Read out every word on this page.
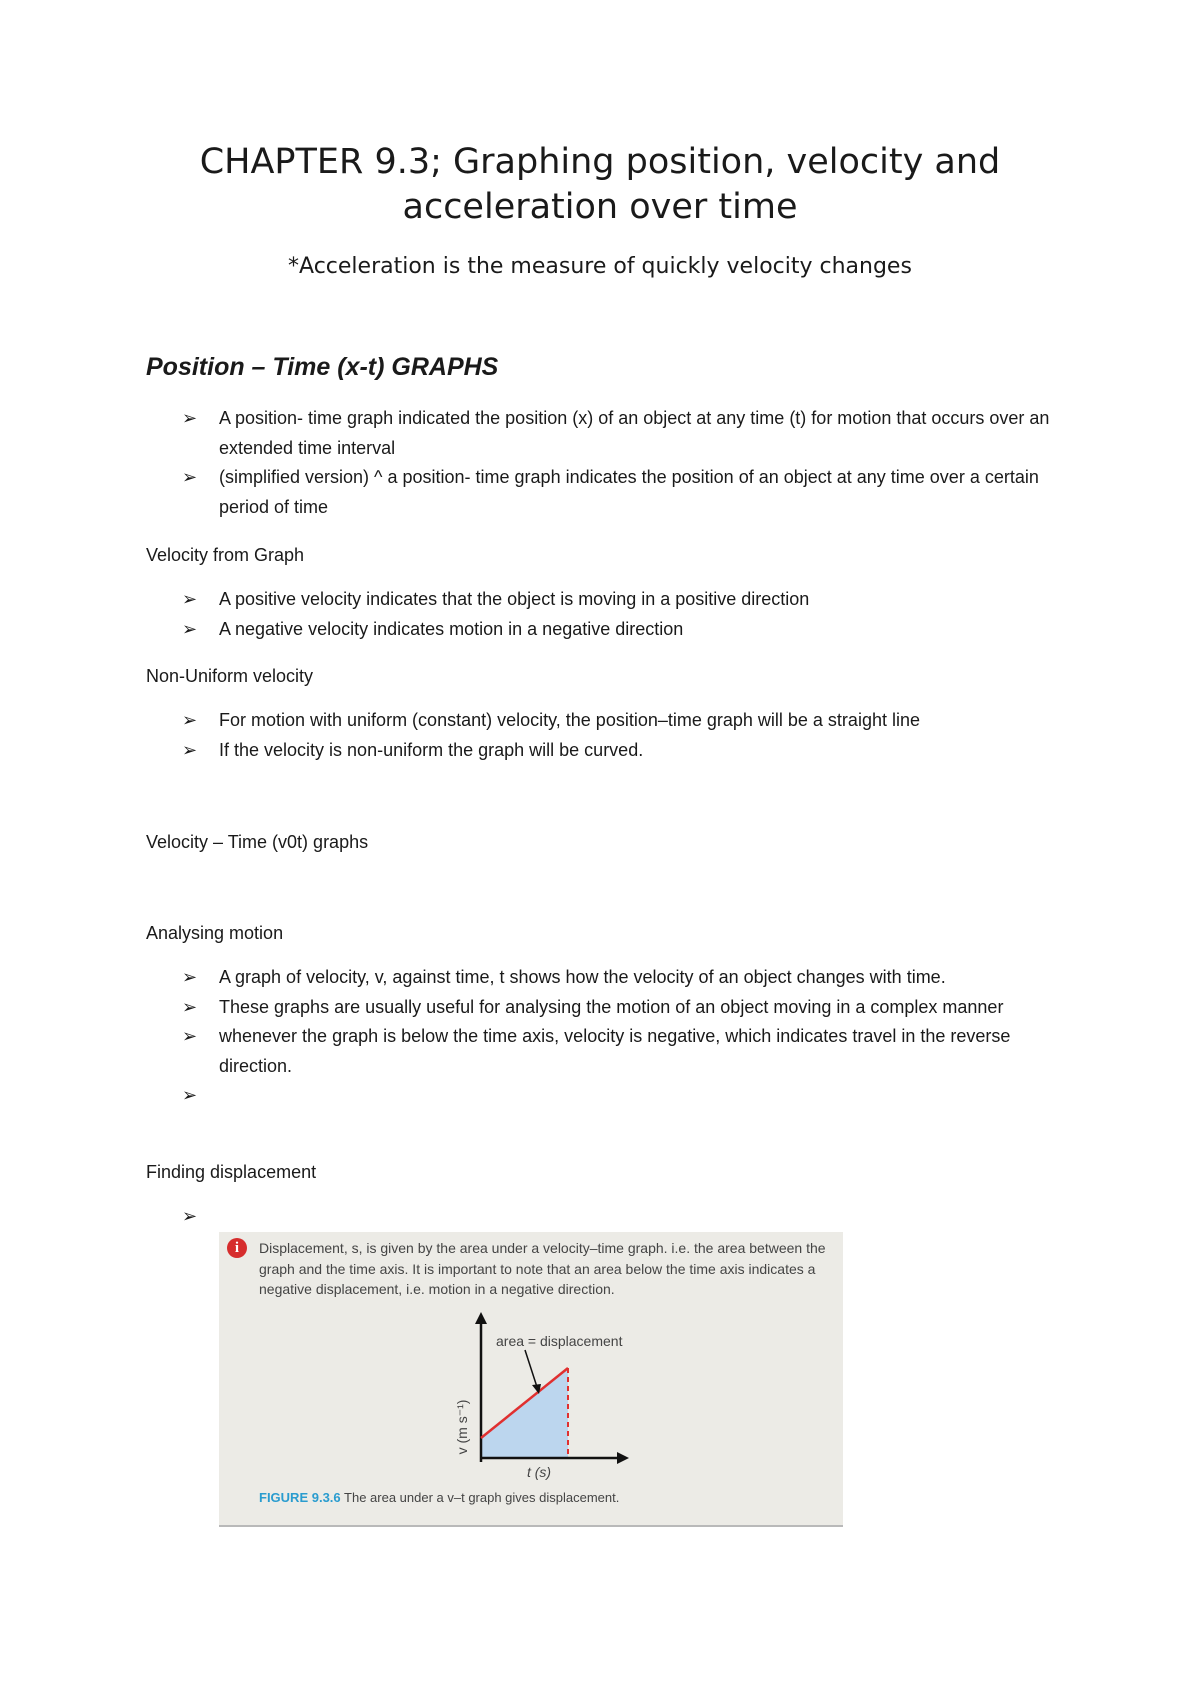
CHAPTER 9.3; Graphing position, velocity and
acceleration over time

*Acceleration is the measure of quickly velocity changes

Position – Time (x-t) GRAPHS
➢ A position- time graph indicated the position (x) of an object at any time (t) for motion that occurs over an extended time interval
➢ (simplified version) ^ a position- time graph indicates the position of an object at any time over a certain period of time

Velocity from Graph

➢ A positive velocity indicates that the object is moving in a positive direction
➢ A negative velocity indicates motion in a negative direction

Non-Uniform velocity

➢ For motion with uniform (constant) velocity, the position–time graph will be a straight line
➢ If the velocity is non-uniform the graph will be curved.

Velocity – Time (v0t) graphs

Analysing motion

➢ A graph of velocity, v, against time, t shows how the velocity of an object changes with time.
➢ These graphs are usually useful for analysing the motion of an object moving in a complex manner
➢ whenever the graph is below the time axis, velocity is negative, which indicates travel in the reverse direction.
➢

Finding displacement

➢
i	Displacement, s, is given by the area under a velocity–time graph. i.e. the area between the graph and the time axis. It is important to note that an area below the time axis indicates a negative displacement, i.e. motion in a negative direction.
area = displacement
v (m s⁻¹)
t (s)
FIGURE 9.3.6 The area under a v–t graph gives displacement.
